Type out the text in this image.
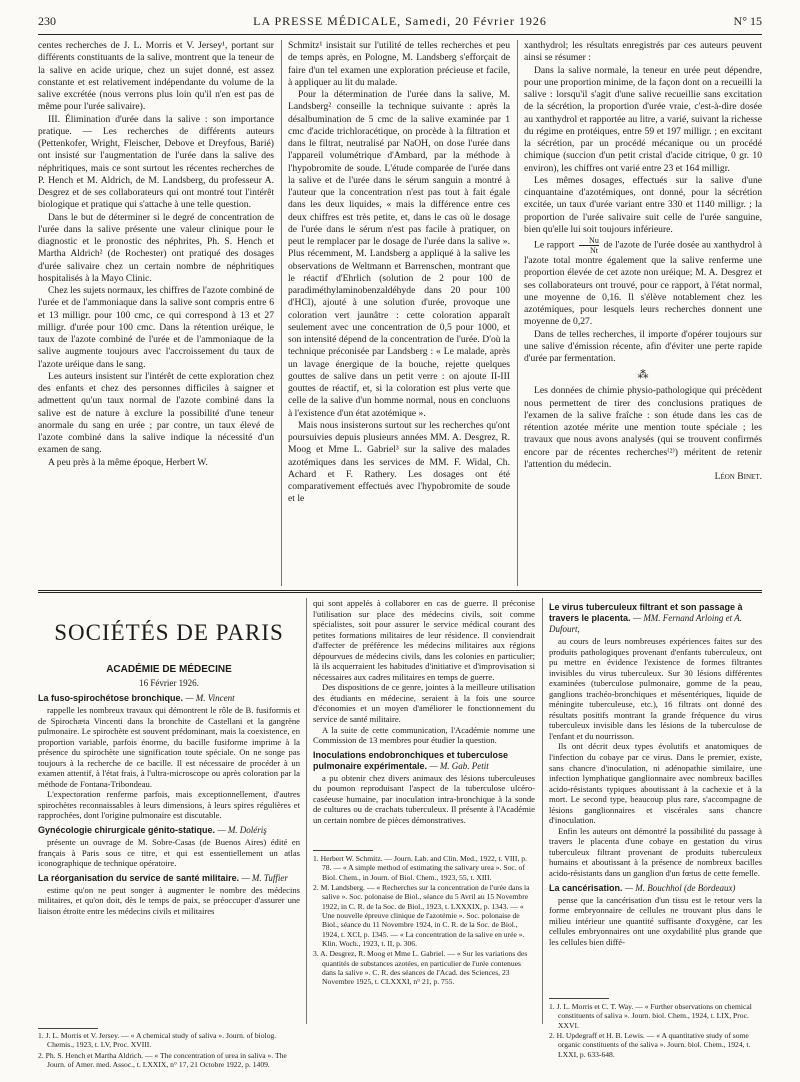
230	LA PRESSE MÉDICALE, Samedi, 20 Février 1926	N° 15

centes recherches de J. L. Morris et V. Jersey¹, portant sur différents constituants de la salive, montrent que la teneur de la salive en acide urique, chez un sujet donné, est assez constante et est relativement indépendante du volume de la salive excrétée (nous verrons plus loin qu'il n'en est pas de même pour l'urée salivaire).

III. Élimination d'urée dans la salive : son importance pratique. — Les recherches de différents auteurs (Pettenkofer, Wright, Fleischer, Debove et Dreyfous, Barié) ont insisté sur l'augmentation de l'urée dans la salive des néphritiques, mais ce sont surtout les récentes recherches de P. Hench et M. Aldrich, de M. Landsberg, du professeur A. Desgrez et de ses collaborateurs qui ont montré tout l'intérêt biologique et pratique qui s'attache à une telle question.

Dans le but de déterminer si le degré de concentration de l'urée dans la salive présente une valeur clinique pour le diagnostic et le pronostic des néphrites, Ph. S. Hench et Martha Aldrich² (de Rochester) ont pratiqué des dosages d'urée salivaire chez un certain nombre de néphritiques hospitalisés à la Mayo Clinic.

Chez les sujets normaux, les chiffres de l'azote combiné de l'urée et de l'ammoniaque dans la salive sont compris entre 6 et 13 milligr. pour 100 cmc, ce qui correspond à 13 et 27 milligr. d'urée pour 100 cmc. Dans la rétention uréique, le taux de l'azote combiné de l'urée et de l'ammoniaque de la salive augmente toujours avec l'accroissement du taux de l'azote uréique dans le sang.

Les auteurs insistent sur l'intérêt de cette exploration chez des enfants et chez des personnes difficiles à saigner et admettent qu'un taux normal de l'azote combiné dans la salive est de nature à exclure la possibilité d'une teneur anormale du sang en urée ; par contre, un taux élevé de l'azote combiné dans la salive indique la nécessité d'un examen de sang.

A peu près à la même époque, Herbert W.

Schmitz¹ insistait sur l'utilité de telles recherches et peu de temps après, en Pologne, M. Landsberg s'efforçait de faire d'un tel examen une exploration précieuse et facile, à appliquer au lit du malade.

Pour la détermination de l'urée dans la salive, M. Landsberg² conseille la technique suivante : après la désalbumination de 5 cmc de la salive examinée par 1 cmc d'acide trichloracétique, on procède à la filtration et dans le filtrat, neutralisé par NaOH, on dose l'urée dans l'appareil volumétrique d'Ambard, par la méthode à l'hypobromite de soude. L'étude comparée de l'urée dans la salive et de l'urée dans le sérum sanguin a montré à l'auteur que la concentration n'est pas tout à fait égale dans les deux liquides, « mais la différence entre ces deux chiffres est très petite, et, dans le cas où le dosage de l'urée dans le sérum n'est pas facile à pratiquer, on peut le remplacer par le dosage de l'urée dans la salive ». Plus récemment, M. Landsberg a appliqué à la salive les observations de Weltmann et Barrenschen, montrant que le réactif d'Ehrlich (solution de 2 pour 100 de paradiméthylaminobenzaldéhyde dans 20 pour 100 d'HCl), ajouté à une solution d'urée, provoque une coloration vert jaunâtre : cette coloration apparaît seulement avec une concentration de 0,5 pour 1000, et son intensité dépend de la concentration de l'urée. D'où la technique préconisée par Landsberg : « Le malade, après un lavage énergique de la bouche, rejette quelques gouttes de salive dans un petit verre : on ajoute II-III gouttes de réactif, et, si la coloration est plus verte que celle de la salive d'un homme normal, nous en concluons à l'existence d'un état azotémique ».

Mais nous insisterons surtout sur les recherches qu'ont poursuivies depuis plusieurs années MM. A. Desgrez, R. Moog et Mme L. Gabriel³ sur la salive des malades azotémiques dans les services de MM. F. Widal, Ch. Achard et F. Rathery. Les dosages ont été comparativement effectués avec l'hypobromite de soude et le

xanthydrol; les résultats enregistrés par ces auteurs peuvent ainsi se résumer :

Dans la salive normale, la teneur en urée peut dépendre, pour une proportion minime, de la façon dont on a recueilli la salive : lorsqu'il s'agit d'une salive recueillie sans excitation de la sécrétion, la proportion d'urée vraie, c'est-à-dire dosée au xanthydrol et rapportée au litre, a varié, suivant la richesse du régime en protéiques, entre 59 et 197 milligr. ; en excitant la sécrétion, par un procédé mécanique ou un procédé chimique (succion d'un petit cristal d'acide citrique, 0 gr. 10 environ), les chiffres ont varié entre 23 et 164 milligr.

Les mêmes dosages, effectués sur la salive d'une cinquantaine d'azotémiques, ont donné, pour la sécrétion excitée, un taux d'urée variant entre 330 et 1140 milligr. ; la proportion de l'urée salivaire suit celle de l'urée sanguine, bien qu'elle lui soit toujours inférieure.

Le rapport $\frac{Nu}{Nt}$ de l'azote de l'urée dosée au xanthydrol à l'azote total montre également que la salive renferme une proportion élevée de cet azote non uréique; M. A. Desgrez et ses collaborateurs ont trouvé, pour ce rapport, à l'état normal, une moyenne de 0,16. Il s'élève notablement chez les azotémiques, pour lesquels leurs recherches donnent une moyenne de 0,27.

Dans de telles recherches, il importe d'opérer toujours sur une salive d'émission récente, afin d'éviter une perte rapide d'urée par fermentation.

⁂

Les données de chimie physio-pathologique qui précèdent nous permettent de tirer des conclusions pratiques de l'examen de la salive fraîche : son étude dans les cas de rétention azotée mérite une mention toute spéciale ; les travaux que nous avons analysés (qui se trouvent confirmés encore par de récentes recherches⁽²⁾) méritent de retenir l'attention du médecin.

Léon Binet.
SOCIÉTÉS DE PARIS
ACADÉMIE DE MÉDECINE
16 Février 1926.
La fuso-spirochétose bronchique. — M. Vincent

rappelle les nombreux travaux qui démontrent le rôle de B. fusiformis et de Spirochæta Vincenti dans la bronchite de Castellani et la gangrène pulmonaire. Le spirochète est souvent prédominant, mais la coexistence, en proportion variable, parfois énorme, du bacille fusiforme imprime à la présence du spirochète une signification toute spéciale. On ne songe pas toujours à la recherche de ce bacille. Il est nécessaire de procéder à un examen attentif, à l'état frais, à l'ultra-microscope ou après coloration par la méthode de Fontana-Tribondeau.

L'expectoration renferme parfois, mais exceptionnellement, d'autres spirochètes reconnaissables à leurs dimensions, à leurs spires régulières et rapprochées, dont l'origine pulmonaire est discutable.

Gynécologie chirurgicale génito-statique. — M. Dolériş

présente un ouvrage de M. Sobre-Casas (de Buenos Aires) édité en français à Paris sous ce titre, et qui est essentiellement un atlas iconographique de technique opératoire.

La réorganisation du service de santé militaire. — M. Tuffier

estime qu'on ne peut songer à augmenter le nombre des médecins militaires, et qu'on doit, dès le temps de paix, se préoccuper d'assurer une liaison étroite entre les médecins civils et militaires

qui sont appelés à collaborer en cas de guerre. Il préconise l'utilisation sur place des médecins civils, soit comme spécialistes, soit pour assurer le service médical courant des petites formations militaires de leur résidence. Il conviendrait d'affecter de préférence les médecins militaires aux régions dépourvues de médecins civils, dans les colonies en particulier; là ils acquerraient les habitudes d'initiative et d'improvisation si nécessaires aux cadres militaires en temps de guerre.

Des dispositions de ce genre, jointes à la meilleure utilisation des étudiants en médecine, seraient à la fois une source d'économies et un moyen d'améliorer le fonctionnement du service de santé militaire.

A la suite de cette communication, l'Académie nomme une Commission de 13 membres pour étudier la question.

Inoculations endobronchiques et tuberculose pulmonaire expérimentale. — M. Gab. Petit

a pu obtenir chez divers animaux des lésions tuberculeuses du poumon reproduisant l'aspect de la tuberculose ulcéro-caséeuse humaine, par inoculation intra-bronchique à la sonde de cultures ou de crachats tuberculeux. Il présente à l'Académie un certain nombre de pièces démonstratives.

Le virus tuberculeux filtrant et son passage à travers le placenta. — MM. Fernand Arloing et A. Dufourt,

au cours de leurs nombreuses expériences faites sur des produits pathologiques provenant d'enfants tuberculeux, ont pu mettre en évidence l'existence de formes filtrantes invisibles du virus tuberculeux. Sur 30 lésions différentes examinées (tuberculose pulmonaire, gomme de la peau, ganglions trachéo-bronchiques et mésentériques, liquide de méningite tuberculeuse, etc.), 16 filtrats ont donné des résultats positifs montrant la grande fréquence du virus tuberculeux invisible dans les lésions de la tuberculose de l'enfant et du nourrisson.

Ils ont décrit deux types évolutifs et anatomiques de l'infection du cobaye par ce virus. Dans le premier, existe, sans chancre d'inoculation, ni adénopathie similaire, une infection lymphatique ganglionnaire avec nombreux bacilles acido-résistants typiques aboutissant à la cachexie et à la mort. Le second type, beaucoup plus rare, s'accompagne de lésions ganglionnaires et viscérales sans chancre d'inoculation.

Enfin les auteurs ont démontré la possibilité du passage à travers le placenta d'une cobaye en gestation du virus tuberculeux filtrant provenant de produits tuberculeux humains et aboutissant à la présence de nombreux bacilles acido-résistants dans un ganglion d'un fœtus de cette femelle.

La cancérisation. — M. Bouchhol (de Bordeaux)

pense que la cancérisation d'un tissu est le retour vers la forme embryonnaire de cellules ne trouvant plus dans le milieu intérieur une quantité suffisante d'oxygène, car les cellules embryonnaires ont une oxydabilité plus grande que les cellules bien diffé-

1. J. L. Morris et V. Jersey. — « A chemical study of saliva ». Journ. of biolog. Chemis., 1923, t. LV, Proc. XVIII.

2. Ph. S. Hench et Martha Aldrich. — « The concentration of urea in saliva ». The Journ. of Amer. med. Assoc., t. LXXIX, n° 17, 21 Octobre 1922, p. 1409.

1. Herbert W. Schmitz. — Journ. Lab. and Clin. Med., 1922, t. VIII, p. 78. — « A simple method of estimating the salivary urea ». Soc. of Biol. Chem., in Journ. of Biol. Chem., 1923, 55, t. XIII.

2. M. Landsberg. — « Recherches sur la concentration de l'urée dans la salive ». Soc. polonaise de Biol., séance du 5 Avril au 15 Novembre 1922, in C. R. de la Soc. de Biol., 1923, t. LXXXIX, p. 1343. — « Une nouvelle épreuve clinique de l'azotémie ». Soc. polonaise de Biol., séance du 11 Novembre 1924, in C. R. de la Soc. de Biol., 1924, t. XCI, p. 1345. — « La concentration de la salive en urée ». Klin. Woch., 1923, t. II, p. 306.

3. A. Desgrez, R. Moog et Mme L. Gabriel. — « Sur les variations des quantités de substances azotées, en particulier de l'urée contenues dans la salive ». C. R. des séances de l'Acad. des Sciences, 23 Novembre 1925, t. CLXXXI, n° 21, p. 755.

1. J. L. Morris et C. T. Way. — « Further observations on chemical constituents of saliva ». Journ. biol. Chem., 1924, t. LIX, Proc. XXVI.

2. H. Updegraff et H. B. Lewis. — « A quantitative study of some organic constituents of the saliva ». Journ. biol. Chem., 1924, t. LXXI, p. 633-648.
